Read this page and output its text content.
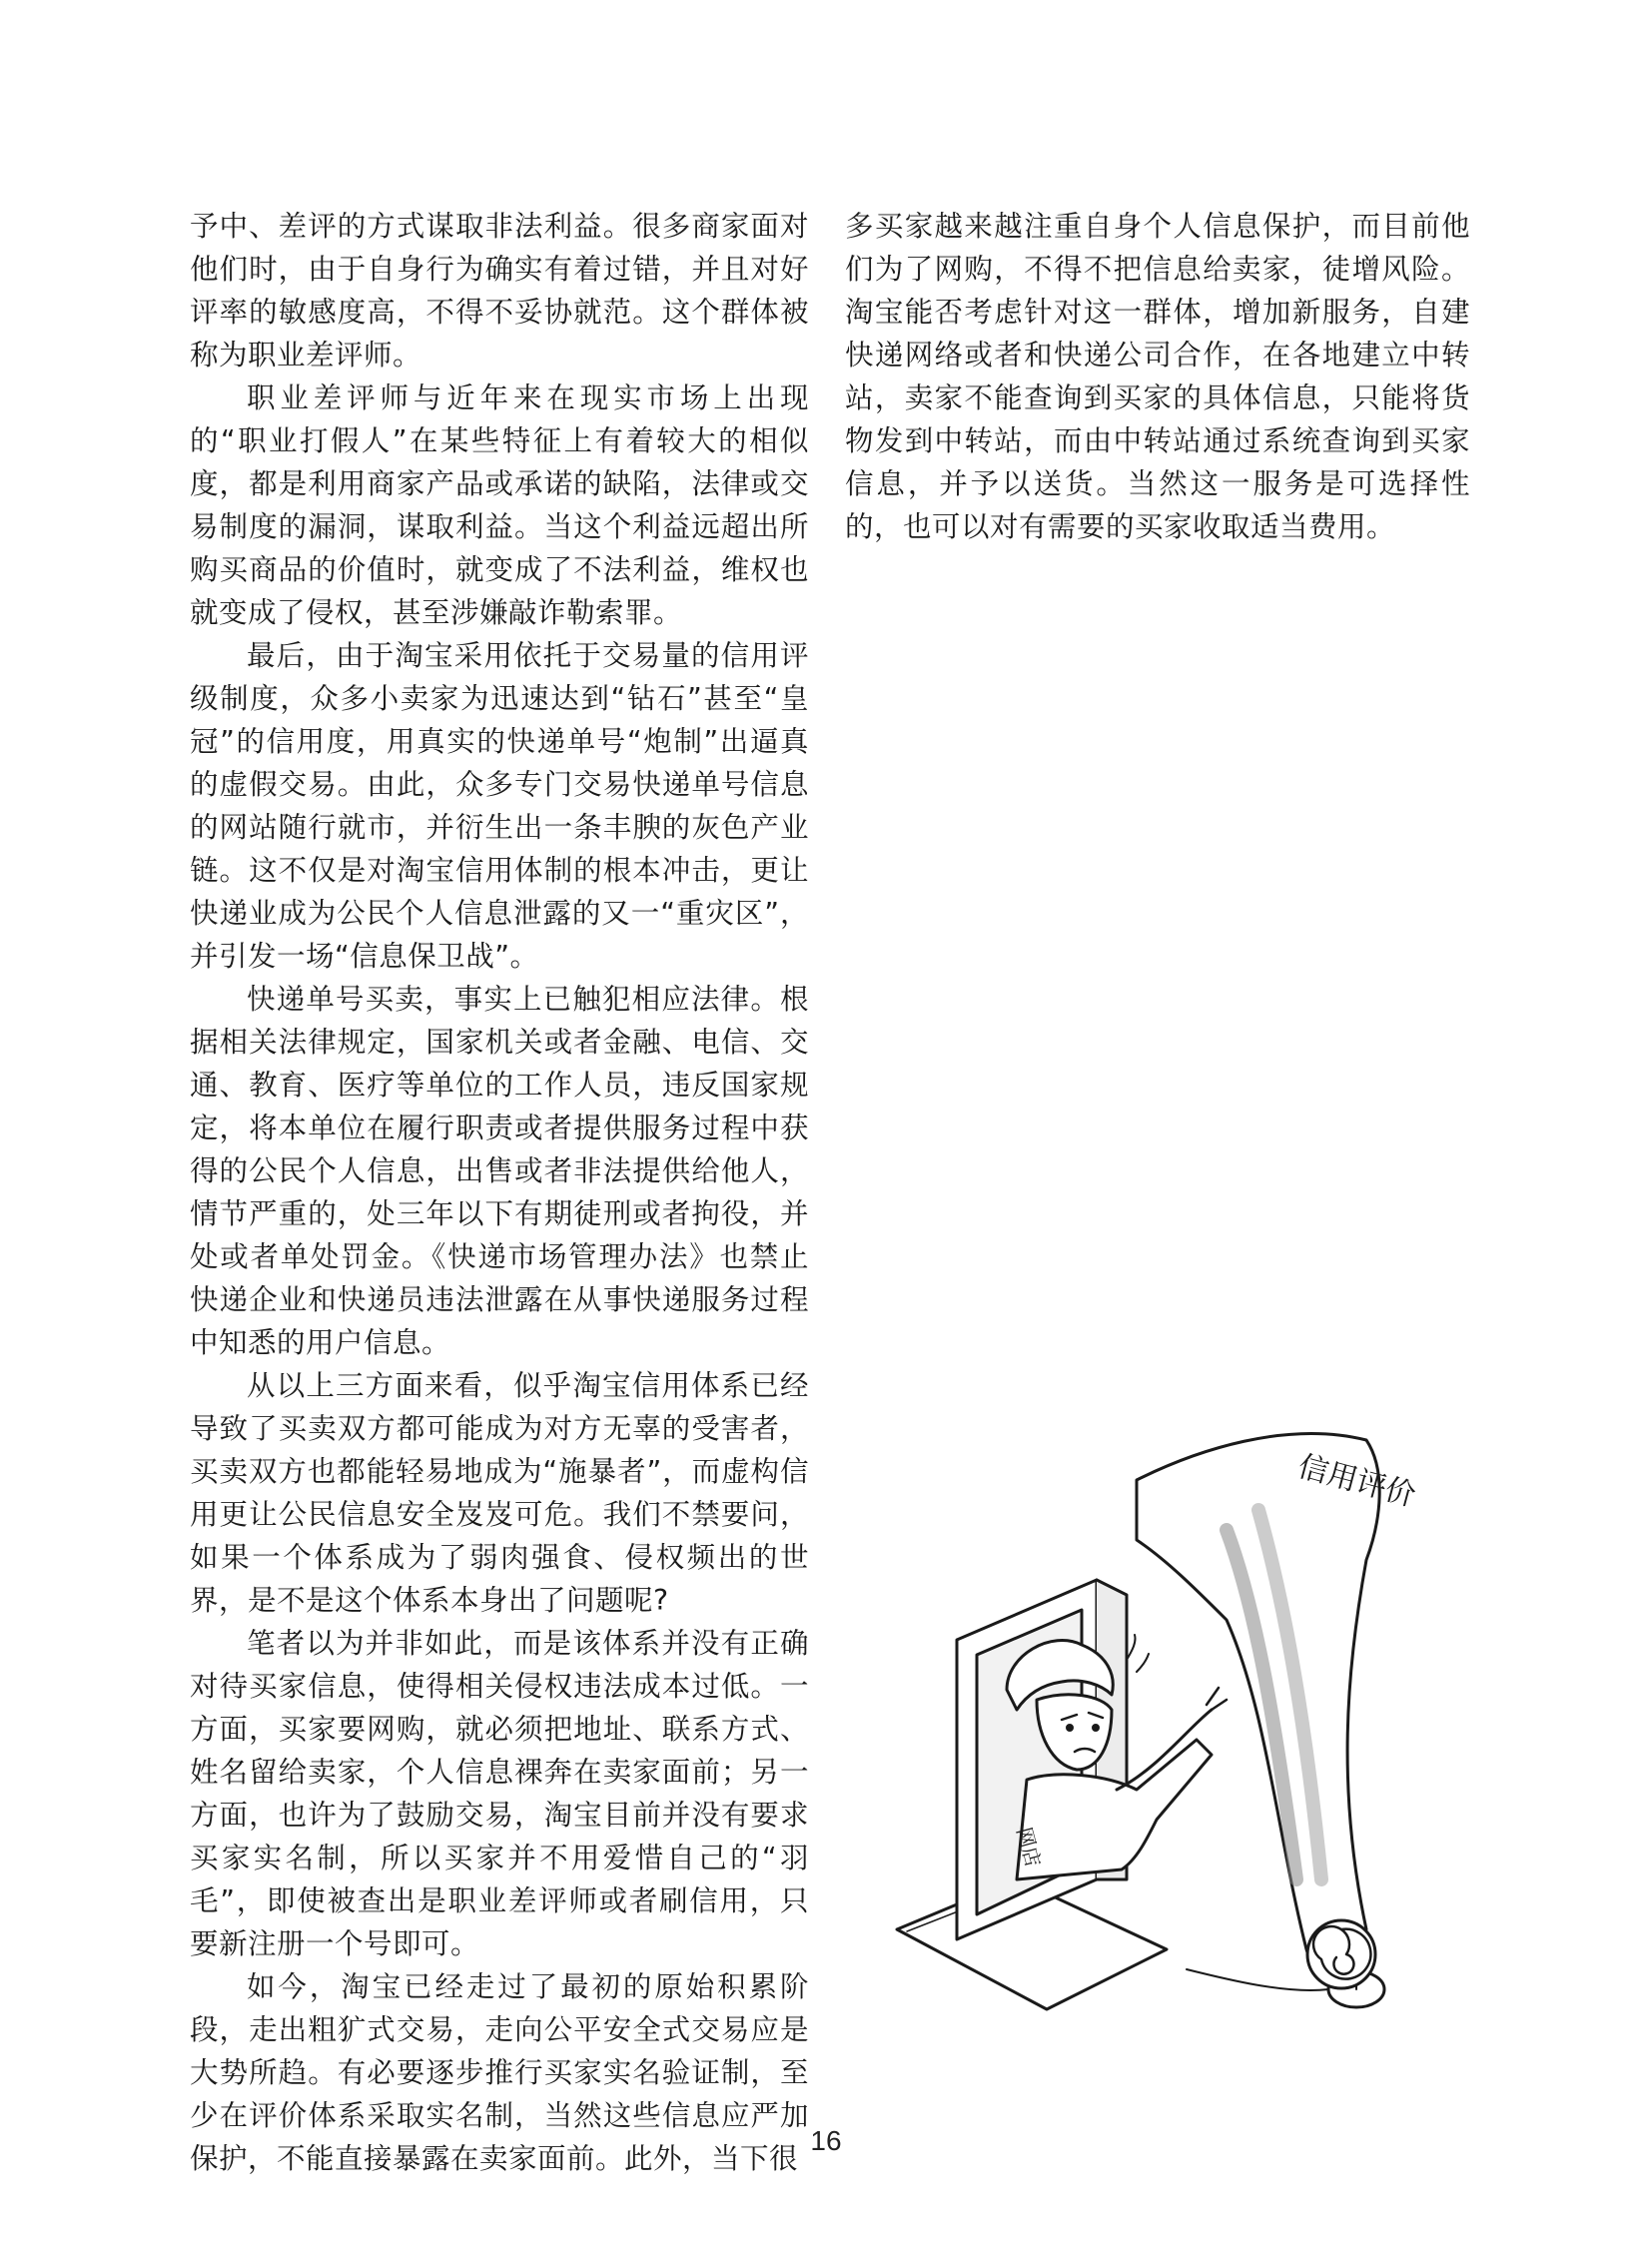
予中、差评的方式谋取非法利益。很多商家面对他们时，由于自身行为确实有着过错，并且对好评率的敏感度高，不得不妥协就范。这个群体被称为职业差评师。

职业差评师与近年来在现实市场上出现的“职业打假人”在某些特征上有着较大的相似度，都是利用商家产品或承诺的缺陷，法律或交易制度的漏洞，谋取利益。当这个利益远超出所购买商品的价值时，就变成了不法利益，维权也就变成了侵权，甚至涉嫌敲诈勒索罪。

最后，由于淘宝采用依托于交易量的信用评级制度，众多小卖家为迅速达到“钻石”甚至“皇冠”的信用度，用真实的快递单号“炮制”出逼真的虚假交易。由此，众多专门交易快递单号信息的网站随行就市，并衍生出一条丰腴的灰色产业链。这不仅是对淘宝信用体制的根本冲击，更让快递业成为公民个人信息泄露的又一“重灾区”，并引发一场“信息保卫战”。

快递单号买卖，事实上已触犯相应法律。根据相关法律规定，国家机关或者金融、电信、交通、教育、医疗等单位的工作人员，违反国家规定，将本单位在履行职责或者提供服务过程中获得的公民个人信息，出售或者非法提供给他人，情节严重的，处三年以下有期徒刑或者拘役，并处或者单处罚金。《快递市场管理办法》也禁止快递企业和快递员违法泄露在从事快递服务过程中知悉的用户信息。

从以上三方面来看，似乎淘宝信用体系已经导致了买卖双方都可能成为对方无辜的受害者，买卖双方也都能轻易地成为“施暴者”，而虚构信用更让公民信息安全岌岌可危。我们不禁要问，如果一个体系成为了弱肉强食、侵权频出的世界，是不是这个体系本身出了问题呢?

笔者以为并非如此，而是该体系并没有正确对待买家信息，使得相关侵权违法成本过低。一方面，买家要网购，就必须把地址、联系方式、姓名留给卖家，个人信息裸奔在卖家面前；另一方面，也许为了鼓励交易，淘宝目前并没有要求买家实名制，所以买家并不用爱惜自己的“羽毛”，即使被查出是职业差评师或者刷信用，只要新注册一个号即可。

如今，淘宝已经走过了最初的原始积累阶段，走出粗犷式交易，走向公平安全式交易应是大势所趋。有必要逐步推行买家实名验证制，至少在评价体系采取实名制，当然这些信息应严加保护，不能直接暴露在卖家面前。此外，当下很

多买家越来越注重自身个人信息保护，而目前他们为了网购，不得不把信息给卖家，徒增风险。淘宝能否考虑针对这一群体，增加新服务，自建快递网络或者和快递公司合作，在各地建立中转站，卖家不能查询到买家的具体信息，只能将货物发到中转站，而由中转站通过系统查询到买家信息，并予以送货。当然这一服务是可选择性的，也可以对有需要的买家收取适当费用。

信用评价
网店
16
